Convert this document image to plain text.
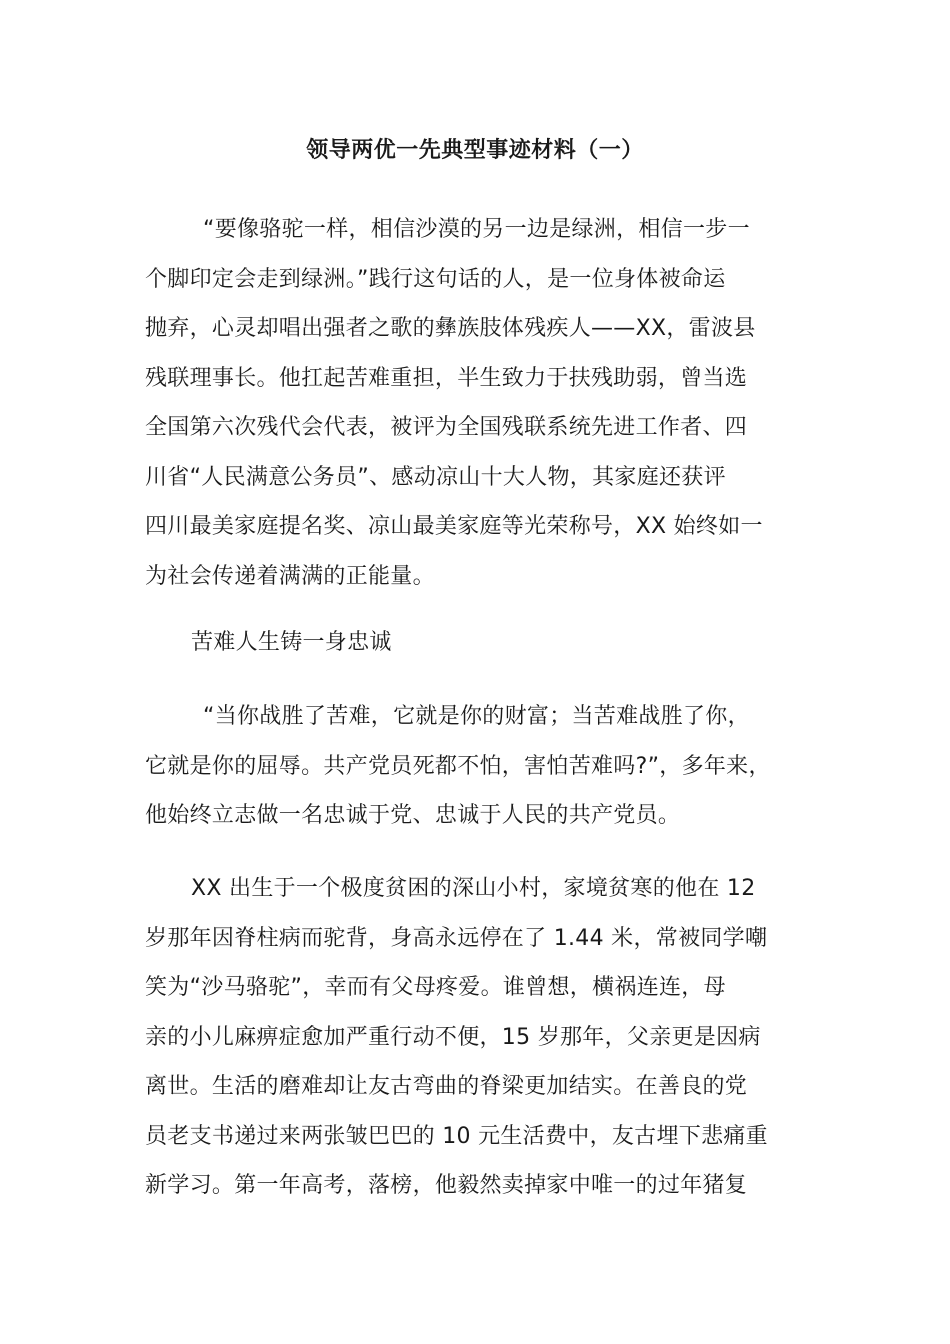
领导两优一先典型事迹材料（一）
“要像骆驼一样，相信沙漠的另一边是绿洲，相信一步一
个脚印定会走到绿洲。”践行这句话的人，是一位身体被命运
抛弃，心灵却唱出强者之歌的彝族肢体残疾人——XX，雷波县
残联理事长。他扛起苦难重担，半生致力于扶残助弱，曾当选
全国第六次残代会代表，被评为全国残联系统先进工作者、四
川省“人民满意公务员”、感动凉山十大人物，其家庭还获评
四川最美家庭提名奖、凉山最美家庭等光荣称号，XX 始终如一
为社会传递着满满的正能量。
苦难人生铸一身忠诚
“当你战胜了苦难，它就是你的财富；当苦难战胜了你，
它就是你的屈辱。共产党员死都不怕，害怕苦难吗?”，多年来，
他始终立志做一名忠诚于党、忠诚于人民的共产党员。
XX 出生于一个极度贫困的深山小村，家境贫寒的他在 12
岁那年因脊柱病而驼背，身高永远停在了 1.44 米，常被同学嘲
笑为“沙马骆驼”，幸而有父母疼爱。谁曾想，横祸连连，母
亲的小儿麻痹症愈加严重行动不便，15 岁那年，父亲更是因病
离世。生活的磨难却让友古弯曲的脊梁更加结实。在善良的党
员老支书递过来两张皱巴巴的 10 元生活费中，友古埋下悲痛重
新学习。第一年高考，落榜，他毅然卖掉家中唯一的过年猪复
